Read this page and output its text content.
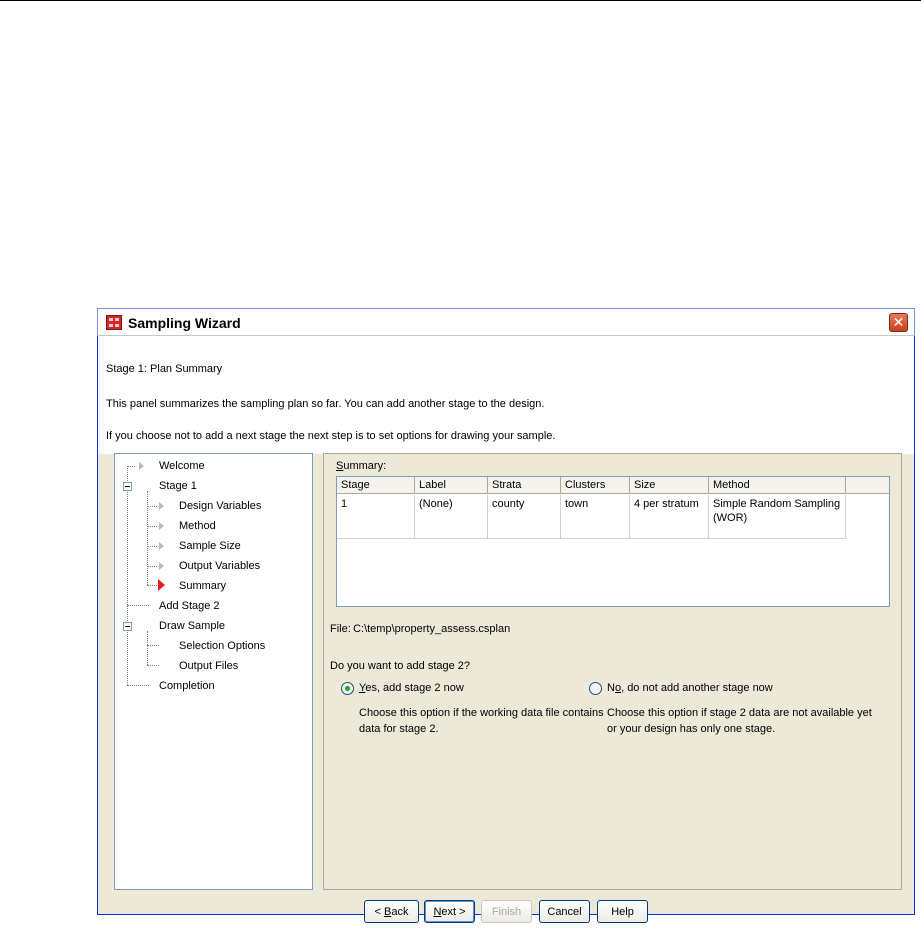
Sampling Wizard	✕
Stage 1: Plan Summary
This panel summarizes the sampling plan so far. You can add another stage to the design.
If you choose not to add a next stage the next step is to set options for drawing your sample.
Welcome
Stage 1
Design Variables
Method
Sample Size
Output Variables
Summary
Add Stage 2
Draw Sample
Selection Options
Output Files
Completion
Summary:
Stage	Label	Strata	Clusters	Size	Method
1	(None)	county	town	4 per stratum	Simple Random Sampling (WOR)
File: C:\temp\property_assess.csplan
Do you want to add stage 2?
Yes, add stage 2 now
Choose this option if the working data file contains data for stage 2.
No, do not add another stage now
Choose this option if stage 2 data are not available yet or your design has only one stage.
< Back	Next >	Finish	Cancel	Help
